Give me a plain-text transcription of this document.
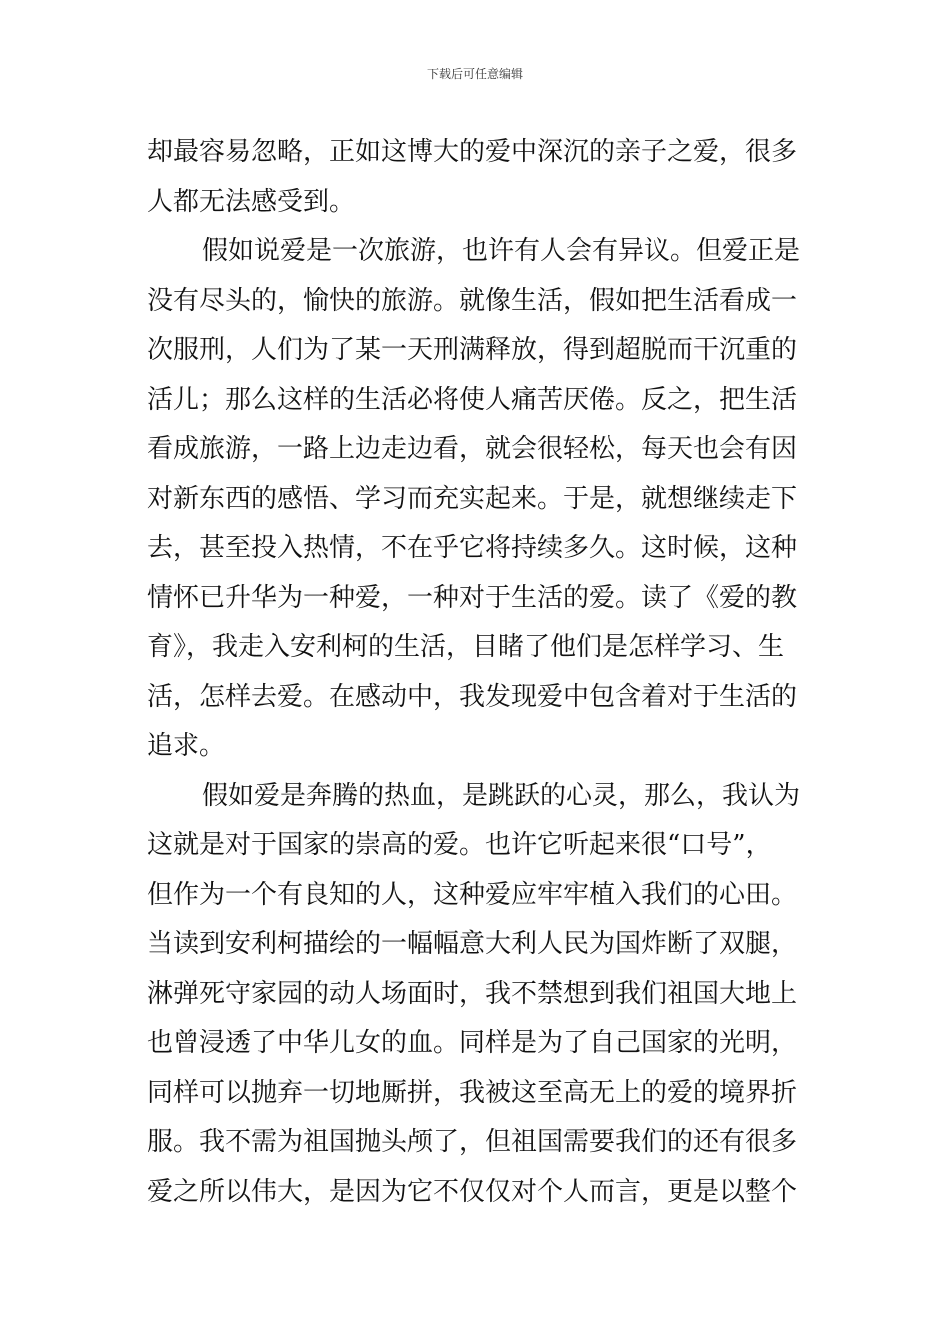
下载后可任意编辑
却最容易忽略，正如这博大的爱中深沉的亲子之爱，很多
人都无法感受到。
假如说爱是一次旅游，也许有人会有异议。但爱正是
没有尽头的，愉快的旅游。就像生活，假如把生活看成一
次服刑，人们为了某一天刑满释放，得到超脱而干沉重的
活儿；那么这样的生活必将使人痛苦厌倦。反之，把生活
看成旅游，一路上边走边看，就会很轻松，每天也会有因
对新东西的感悟、学习而充实起来。于是，就想继续走下
去，甚至投入热情，不在乎它将持续多久。这时候，这种
情怀已升华为一种爱，一种对于生活的爱。读了《爱的教
育》，我走入安利柯的生活，目睹了他们是怎样学习、生
活，怎样去爱。在感动中，我发现爱中包含着对于生活的
追求。
假如爱是奔腾的热血，是跳跃的心灵，那么，我认为
这就是对于国家的崇高的爱。也许它听起来很“口号”，
但作为一个有良知的人，这种爱应牢牢植入我们的心田。
当读到安利柯描绘的一幅幅意大利人民为国炸断了双腿，
淋弹死守家园的动人场面时，我不禁想到我们祖国大地上
也曾浸透了中华儿女的血。同样是为了自己国家的光明，
同样可以抛弃一切地厮拼，我被这至高无上的爱的境界折
服。我不需为祖国抛头颅了，但祖国需要我们的还有很多
爱之所以伟大，是因为它不仅仅对个人而言，更是以整个
